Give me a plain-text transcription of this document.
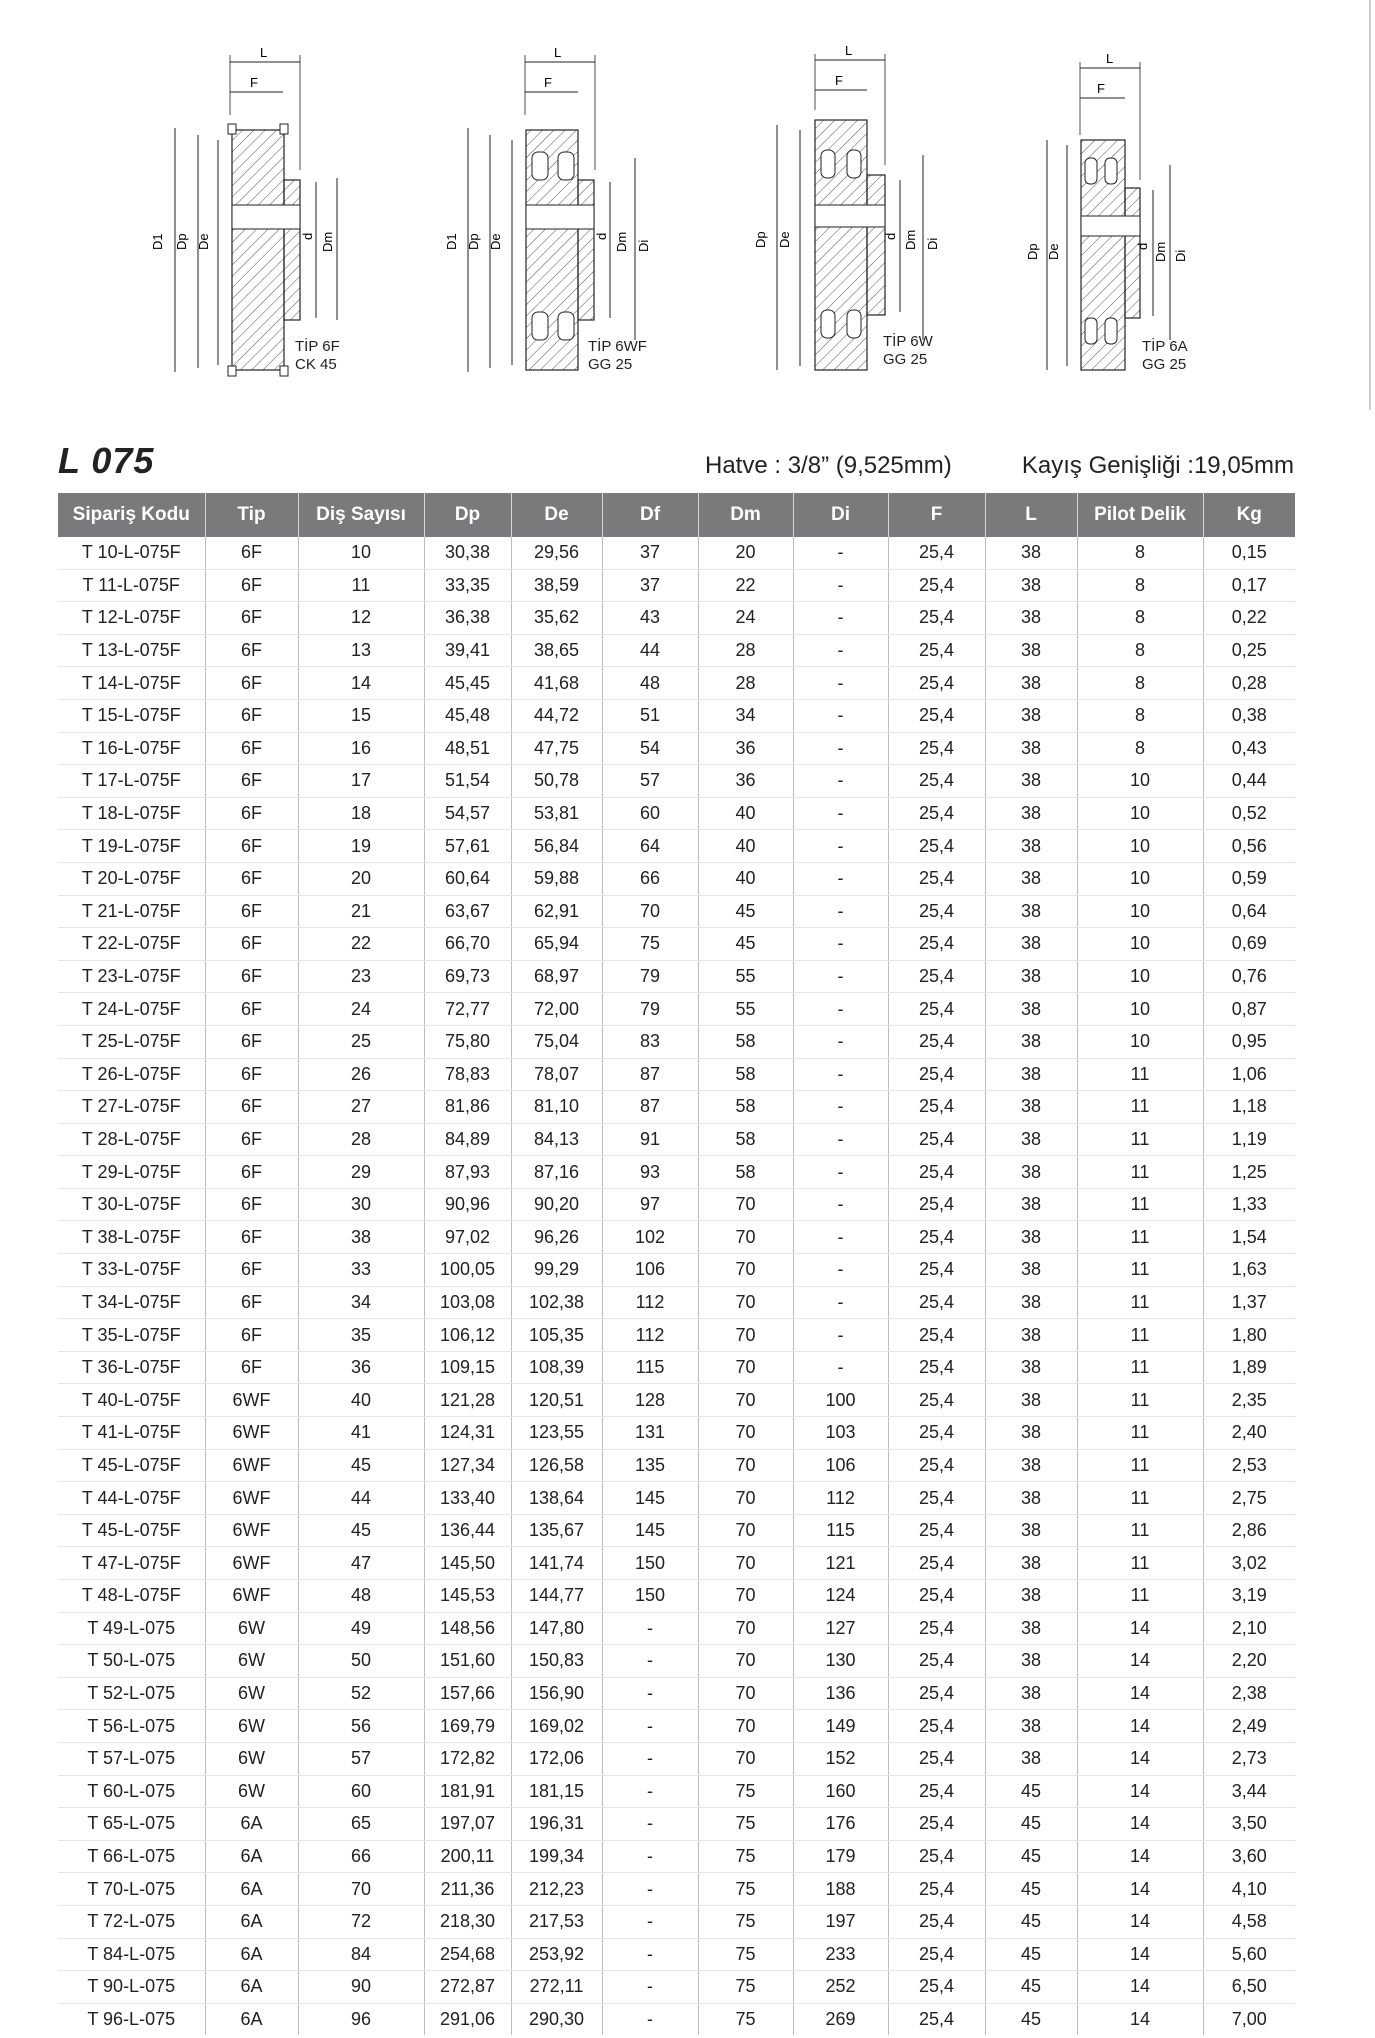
L
F
D1 Dp De	d Dm
TİP 6F
CK 45
L
F
D1 Dp De	d Dm Di
TİP 6WF
GG 25
L
F
Dp De	d Dm Di
TİP 6W
GG 25
L
F
Dp De	d Dm Di
TİP 6A
GG 25
L 075	Hatve : 3/8” (9,525mm)	Kayış Genişliği :19,05mm
Sipariş Kodu	Tip	Diş Sayısı	Dp	De	Df	Dm	Di	F	L	Pilot Delik	Kg
T 10-L-075F	6F	10	30,38	29,56	37	20	-	25,4	38	8	0,15
T 11-L-075F	6F	11	33,35	38,59	37	22	-	25,4	38	8	0,17
T 12-L-075F	6F	12	36,38	35,62	43	24	-	25,4	38	8	0,22
T 13-L-075F	6F	13	39,41	38,65	44	28	-	25,4	38	8	0,25
T 14-L-075F	6F	14	45,45	41,68	48	28	-	25,4	38	8	0,28
T 15-L-075F	6F	15	45,48	44,72	51	34	-	25,4	38	8	0,38
T 16-L-075F	6F	16	48,51	47,75	54	36	-	25,4	38	8	0,43
T 17-L-075F	6F	17	51,54	50,78	57	36	-	25,4	38	10	0,44
T 18-L-075F	6F	18	54,57	53,81	60	40	-	25,4	38	10	0,52
T 19-L-075F	6F	19	57,61	56,84	64	40	-	25,4	38	10	0,56
T 20-L-075F	6F	20	60,64	59,88	66	40	-	25,4	38	10	0,59
T 21-L-075F	6F	21	63,67	62,91	70	45	-	25,4	38	10	0,64
T 22-L-075F	6F	22	66,70	65,94	75	45	-	25,4	38	10	0,69
T 23-L-075F	6F	23	69,73	68,97	79	55	-	25,4	38	10	0,76
T 24-L-075F	6F	24	72,77	72,00	79	55	-	25,4	38	10	0,87
T 25-L-075F	6F	25	75,80	75,04	83	58	-	25,4	38	10	0,95
T 26-L-075F	6F	26	78,83	78,07	87	58	-	25,4	38	11	1,06
T 27-L-075F	6F	27	81,86	81,10	87	58	-	25,4	38	11	1,18
T 28-L-075F	6F	28	84,89	84,13	91	58	-	25,4	38	11	1,19
T 29-L-075F	6F	29	87,93	87,16	93	58	-	25,4	38	11	1,25
T 30-L-075F	6F	30	90,96	90,20	97	70	-	25,4	38	11	1,33
T 38-L-075F	6F	38	97,02	96,26	102	70	-	25,4	38	11	1,54
T 33-L-075F	6F	33	100,05	99,29	106	70	-	25,4	38	11	1,63
T 34-L-075F	6F	34	103,08	102,38	112	70	-	25,4	38	11	1,37
T 35-L-075F	6F	35	106,12	105,35	112	70	-	25,4	38	11	1,80
T 36-L-075F	6F	36	109,15	108,39	115	70	-	25,4	38	11	1,89
T 40-L-075F	6WF	40	121,28	120,51	128	70	100	25,4	38	11	2,35
T 41-L-075F	6WF	41	124,31	123,55	131	70	103	25,4	38	11	2,40
T 45-L-075F	6WF	45	127,34	126,58	135	70	106	25,4	38	11	2,53
T 44-L-075F	6WF	44	133,40	138,64	145	70	112	25,4	38	11	2,75
T 45-L-075F	6WF	45	136,44	135,67	145	70	115	25,4	38	11	2,86
T 47-L-075F	6WF	47	145,50	141,74	150	70	121	25,4	38	11	3,02
T 48-L-075F	6WF	48	145,53	144,77	150	70	124	25,4	38	11	3,19
T 49-L-075	6W	49	148,56	147,80	-	70	127	25,4	38	14	2,10
T 50-L-075	6W	50	151,60	150,83	-	70	130	25,4	38	14	2,20
T 52-L-075	6W	52	157,66	156,90	-	70	136	25,4	38	14	2,38
T 56-L-075	6W	56	169,79	169,02	-	70	149	25,4	38	14	2,49
T 57-L-075	6W	57	172,82	172,06	-	70	152	25,4	38	14	2,73
T 60-L-075	6W	60	181,91	181,15	-	75	160	25,4	45	14	3,44
T 65-L-075	6A	65	197,07	196,31	-	75	176	25,4	45	14	3,50
T 66-L-075	6A	66	200,11	199,34	-	75	179	25,4	45	14	3,60
T 70-L-075	6A	70	211,36	212,23	-	75	188	25,4	45	14	4,10
T 72-L-075	6A	72	218,30	217,53	-	75	197	25,4	45	14	4,58
T 84-L-075	6A	84	254,68	253,92	-	75	233	25,4	45	14	5,60
T 90-L-075	6A	90	272,87	272,11	-	75	252	25,4	45	14	6,50
T 96-L-075	6A	96	291,06	290,30	-	75	269	25,4	45	14	7,00
